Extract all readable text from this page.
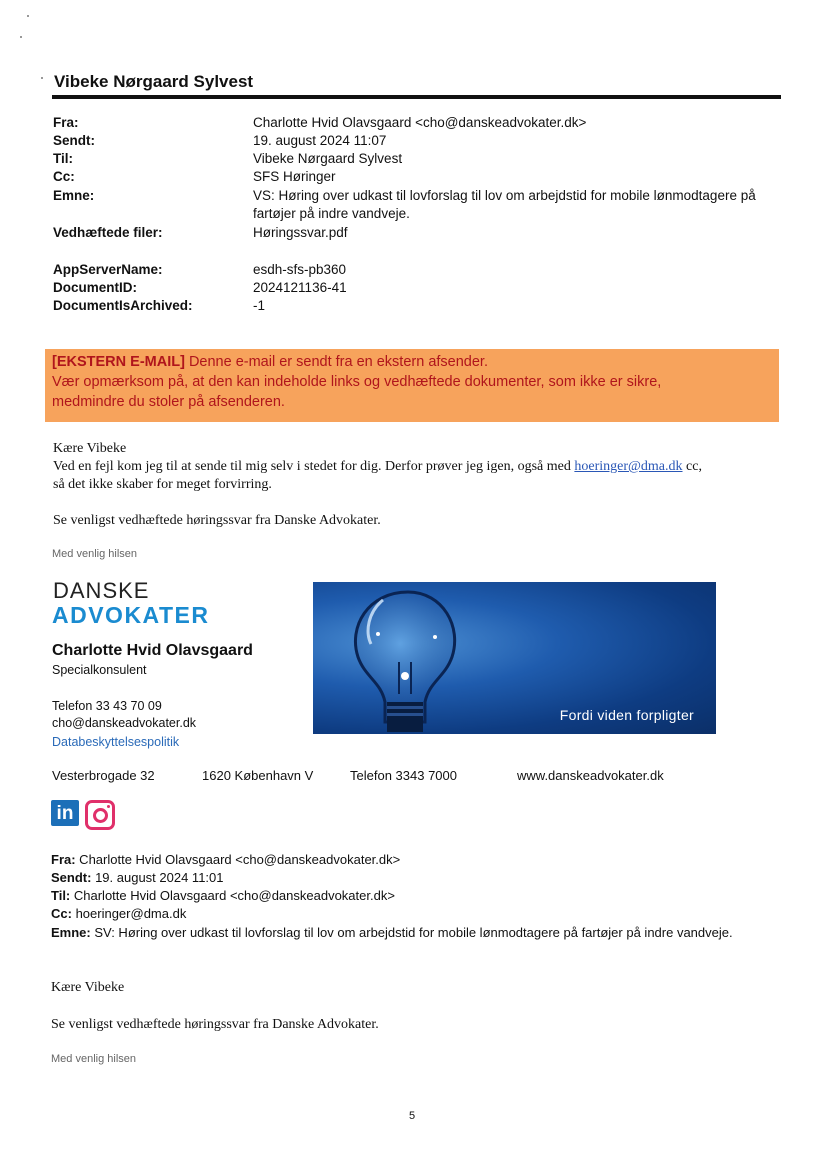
Vibeke Nørgaard Sylvest
Fra:	Charlotte Hvid Olavsgaard <cho@danskeadvokater.dk>
Sendt:	19. august 2024 11:07
Til:	Vibeke Nørgaard Sylvest
Cc:	SFS Høringer
Emne:	VS: Høring over udkast til lovforslag til lov om arbejdstid for mobile lønmodtagere på fartøjer på indre vandveje.
Vedhæftede filer:	Høringssvar.pdf
AppServerName:	esdh-sfs-pb360
DocumentID:	2024121136-41
DocumentIsArchived:	-1
[EKSTERN E-MAIL] Denne e-mail er sendt fra en ekstern afsender.
Vær opmærksom på, at den kan indeholde links og vedhæftede dokumenter, som ikke er sikre,
medmindre du stoler på afsenderen.
Kære Vibeke
Ved en fejl kom jeg til at sende til mig selv i stedet for dig. Derfor prøver jeg igen, også med hoeringer@dma.dk cc,
så det ikke skaber for meget forvirring.
Se venligst vedhæftede høringssvar fra Danske Advokater.
Med venlig hilsen
DANSKE
ADVOKATER
Charlotte Hvid Olavsgaard
Specialkonsulent
Telefon 33 43 70 09
cho@danskeadvokater.dk
Databeskyttelsespolitik
Fordi viden forpligter
Vesterbrogade 32	1620 København V	Telefon 3343 7000	www.danskeadvokater.dk
in
Fra: Charlotte Hvid Olavsgaard <cho@danskeadvokater.dk>
Sendt: 19. august 2024 11:01
Til: Charlotte Hvid Olavsgaard <cho@danskeadvokater.dk>
Cc: hoeringer@dma.dk
Emne: SV: Høring over udkast til lovforslag til lov om arbejdstid for mobile lønmodtagere på fartøjer på indre vandveje.
Kære Vibeke
Se venligst vedhæftede høringssvar fra Danske Advokater.
Med venlig hilsen
5
